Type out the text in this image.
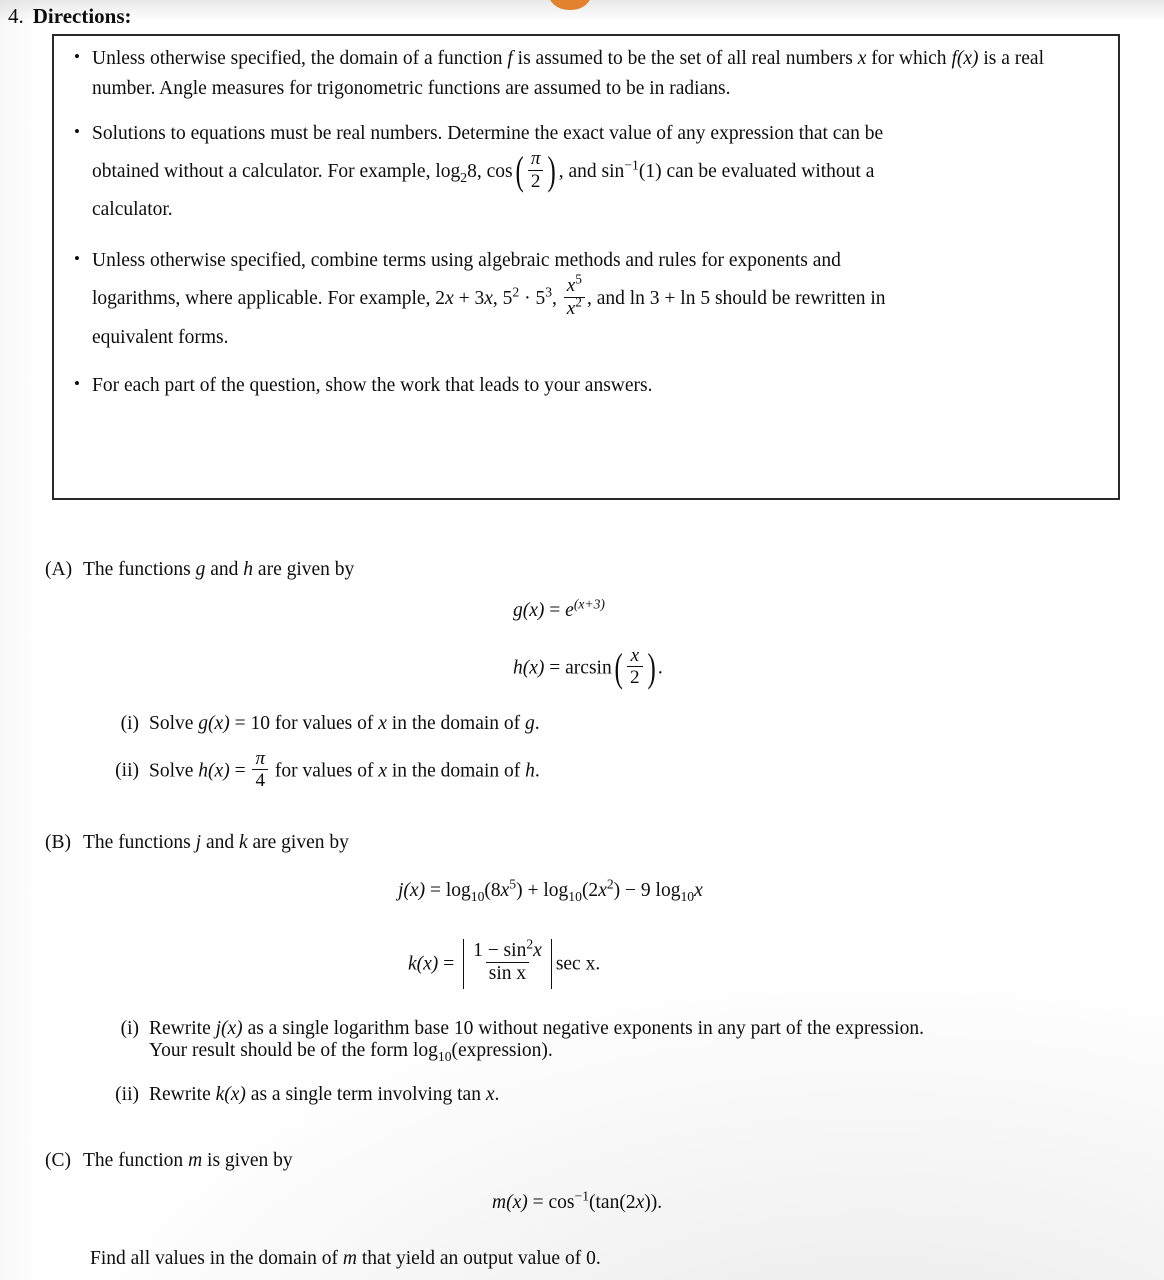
4. Directions:
• Unless otherwise specified, the domain of a function f is assumed to be the set of all real numbers x for which f(x) is a real number. Angle measures for trigonometric functions are assumed to be in radians.
• Solutions to equations must be real numbers. Determine the exact value of any expression that can be
obtained without a calculator. For example, $\log_28$, $\cos( \frac{\pi}{2}$ ) , and $\sin^{-1}(1)$ can be evaluated without a
calculator.
• Unless otherwise specified, combine terms using algebraic methods and rules for exponents and
logarithms, where applicable. For example, 2x + 3x, $5^2 \cdot 5^3$, $\frac{x^5}{x^2}$ , and ln 3 + ln 5 should be rewritten in
equivalent forms.
• For each part of the question, show the work that leads to your answers.
(A) The functions g and h are given by
$g(x) = e^{(x+3)}$
$h(x) = \arcsin( \frac{x}{2}$ ) .
(i) Solve g(x) = 10 for values of x in the domain of g.
(ii) Solve $h(x) = \frac{\pi}{4}$ for values of x in the domain of h.
(B) The functions j and k are given by
$j(x) = \log_{10}(8x^5) + \log_{10}(2x^2) - 9$ $\log_{10}x$
$k(x) = \frac{1 - \sin^2x}{\text{sin x}}$ sec x.
(i) Rewrite j(x) as a single logarithm base 10 without negative exponents in any part of the expression.
Your result should be of the form $\log_{10}(expression)$.
(ii) Rewrite k(x) as a single term involving tan x.
(C) The function m is given by
$m(x) = \cos^{-1}(\tan(2x))$.
Find all values in the domain of m that yield an output value of 0.
